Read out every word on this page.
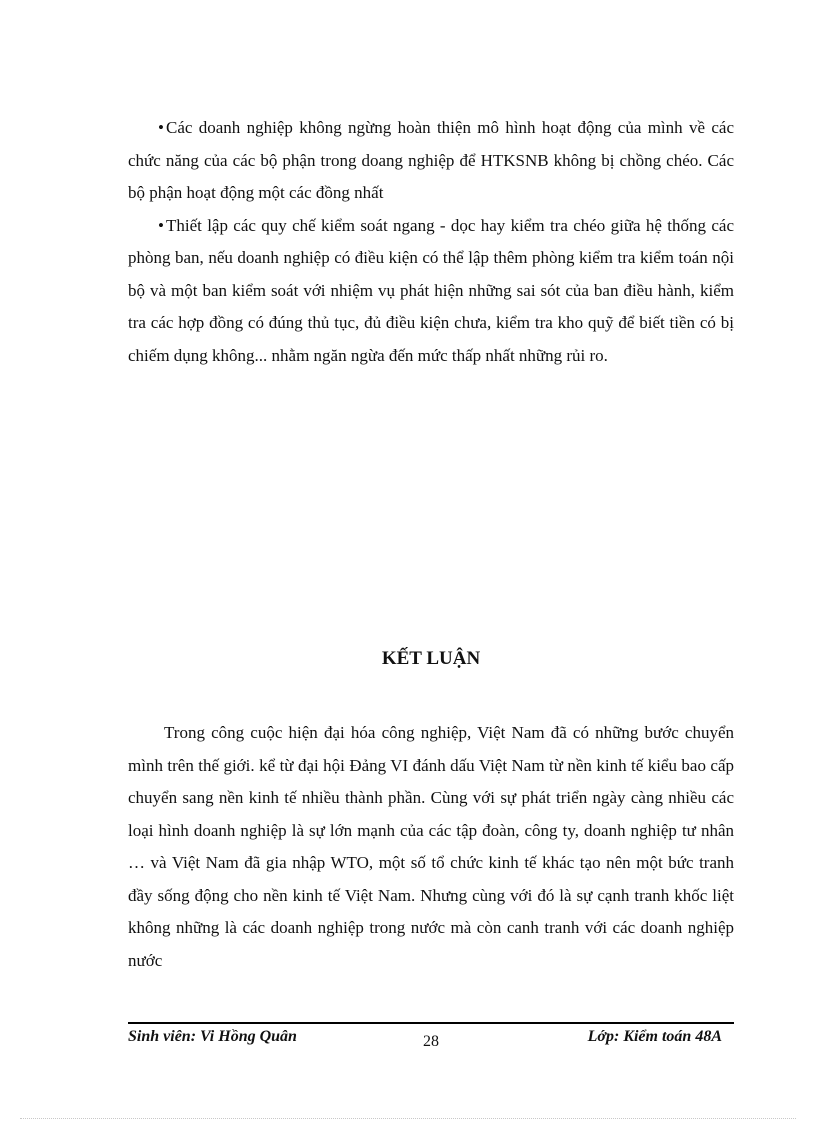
• Các doanh nghiệp không ngừng hoàn thiện mô hình hoạt động của mình về các chức năng của các bộ phận trong doang nghiệp để HTKSNB không bị chồng chéo. Các bộ phận hoạt động một các đồng nhất

• Thiết lập các quy chế kiểm soát ngang - dọc hay kiểm tra chéo giữa hệ thống các phòng ban, nếu doanh nghiệp có điều kiện có thể lập thêm phòng kiểm tra kiểm toán nội bộ và một ban kiểm soát với nhiệm vụ phát hiện những sai sót của ban điều hành, kiểm tra các hợp đồng có đúng thủ tục, đủ điều kiện chưa, kiểm tra kho quỹ để biết tiền có bị chiếm dụng không... nhằm ngăn ngừa đến mức thấp nhất những rủi ro.

KẾT LUẬN

Trong công cuộc hiện đại hóa công nghiệp, Việt Nam đã có những bước chuyển mình trên thế giới. kể từ đại hội Đảng VI đánh dấu Việt Nam từ nền kinh tế kiểu bao cấp chuyển sang nền kinh tế nhiều thành phần. Cùng với sự phát triển ngày càng nhiều các loại hình doanh nghiệp là sự lớn mạnh của các tập đoàn, công ty, doanh nghiệp tư nhân … và Việt Nam đã gia nhập WTO, một số tổ chức kinh tế khác tạo nên một bức tranh đầy sống động cho nền kinh tế Việt Nam. Nhưng cùng với đó là sự cạnh tranh khốc liệt không những là các doanh nghiệp trong nước mà còn canh tranh với các doanh nghiệp nước

Sinh viên: Vi Hồng Quân	28	Lớp: Kiểm toán 48A
